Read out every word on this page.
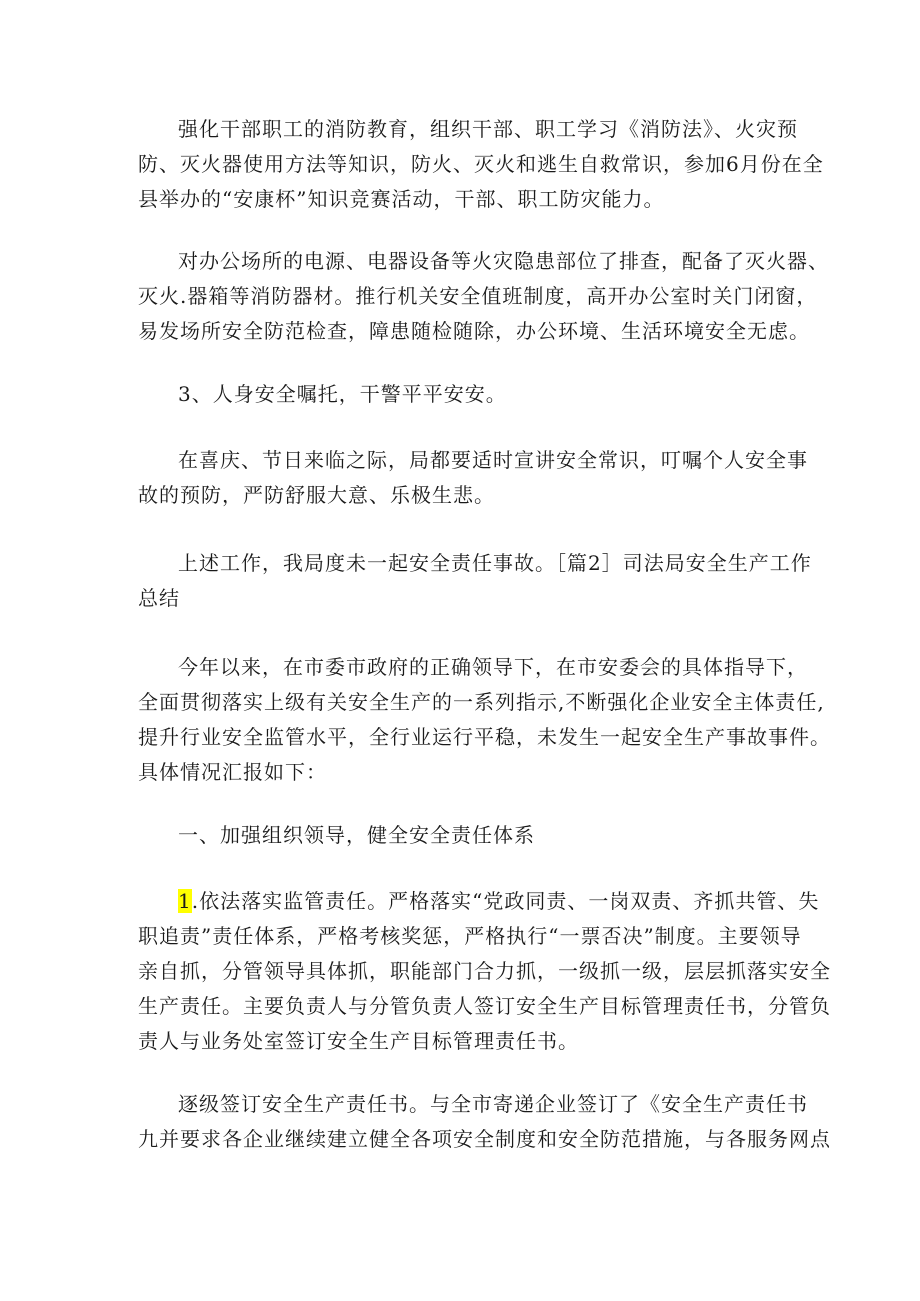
强化干部职工的消防教育，组织干部、职工学习《消防法》、火灾预
防、灭火器使用方法等知识，防火、灭火和逃生自救常识，参加6月份在全
县举办的“安康杯”知识竞赛活动，干部、职工防灾能力。
对办公场所的电源、电器设备等火灾隐患部位了排查，配备了灭火器、
灭火.器箱等消防器材。推行机关安全值班制度，高开办公室时关门闭窗，
易发场所安全防范检查，障患随检随除，办公环境、生活环境安全无虑。
3、人身安全嘱托，干警平平安安。
在喜庆、节日来临之际，局都要适时宣讲安全常识，叮嘱个人安全事
故的预防，严防舒服大意、乐极生悲。
上述工作，我局度未一起安全责任事故。［篇2］司法局安全生产工作
总结
今年以来，在市委市政府的正确领导下，在市安委会的具体指导下，
全面贯彻落实上级有关安全生产的一系列指示,不断强化企业安全主体责任,
提升行业安全监管水平，全行业运行平稳，未发生一起安全生产事故事件。
具体情况汇报如下：
一、加强组织领导，健全安全责任体系
1.依法落实监管责任。严格落实“党政同责、一岗双责、齐抓共管、失
职追责”责任体系，严格考核奖惩，严格执行“一票否决”制度。主要领导
亲自抓，分管领导具体抓，职能部门合力抓，一级抓一级，层层抓落实安全
生产责任。主要负责人与分管负责人签订安全生产目标管理责任书，分管负
责人与业务处室签订安全生产目标管理责任书。
逐级签订安全生产责任书。与全市寄递企业签订了《安全生产责任书
九并要求各企业继续建立健全各项安全制度和安全防范措施，与各服务网点
